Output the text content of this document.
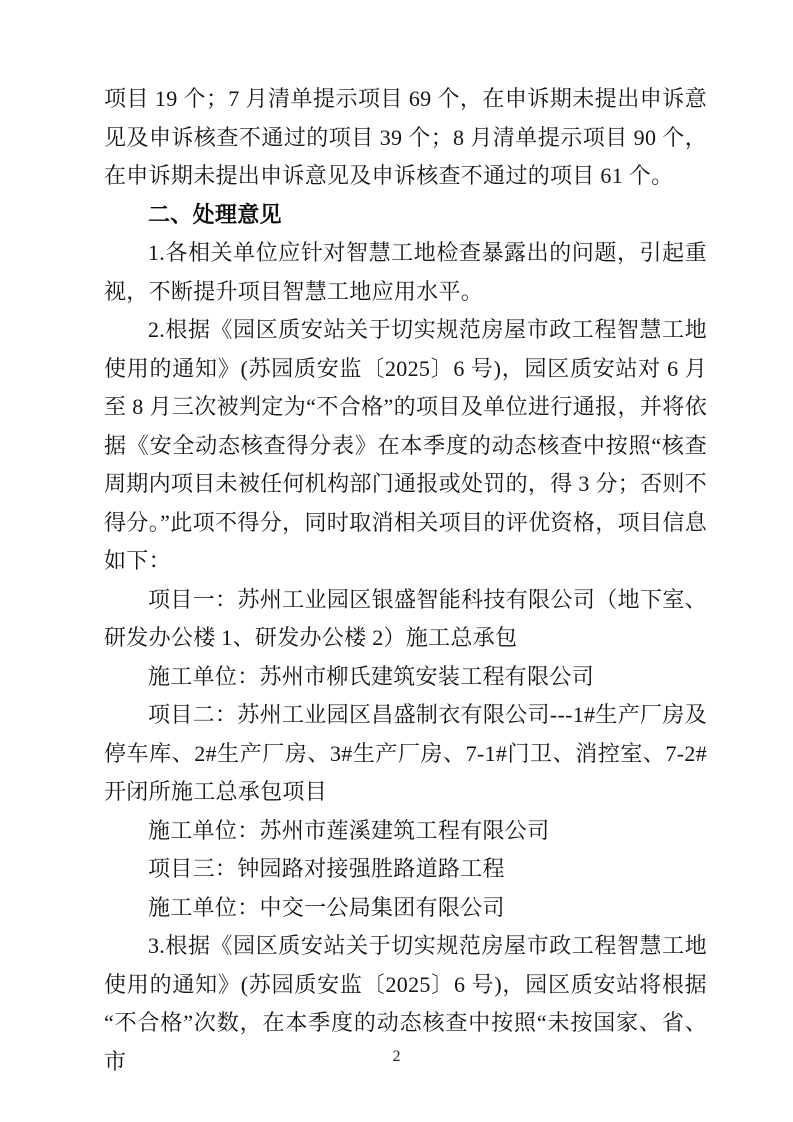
项目 19 个；7 月清单提示项目 69 个，在申诉期未提出申诉意见及申诉核查不通过的项目 39 个；8 月清单提示项目 90 个，在申诉期未提出申诉意见及申诉核查不通过的项目 61 个。

二、处理意见

1.各相关单位应针对智慧工地检查暴露出的问题，引起重视，不断提升项目智慧工地应用水平。

2.根据《园区质安站关于切实规范房屋市政工程智慧工地使用的通知》(苏园质安监〔2025〕6 号)，园区质安站对 6 月至 8 月三次被判定为“不合格”的项目及单位进行通报，并将依据《安全动态核查得分表》在本季度的动态核查中按照“核查周期内项目未被任何机构部门通报或处罚的，得 3 分；否则不得分。”此项不得分，同时取消相关项目的评优资格，项目信息如下：

项目一：苏州工业园区银盛智能科技有限公司（地下室、研发办公楼 1、研发办公楼 2）施工总承包

施工单位：苏州市柳氏建筑安装工程有限公司

项目二：苏州工业园区昌盛制衣有限公司---1#生产厂房及停车库、2#生产厂房、3#生产厂房、7-1#门卫、消控室、7-2#开闭所施工总承包项目

施工单位：苏州市莲溪建筑工程有限公司

项目三：钟园路对接强胜路道路工程

施工单位：中交一公局集团有限公司

3.根据《园区质安站关于切实规范房屋市政工程智慧工地使用的通知》(苏园质安监〔2025〕6 号)，园区质安站将根据“不合格”次数，在本季度的动态核查中按照“未按国家、省、市	2
